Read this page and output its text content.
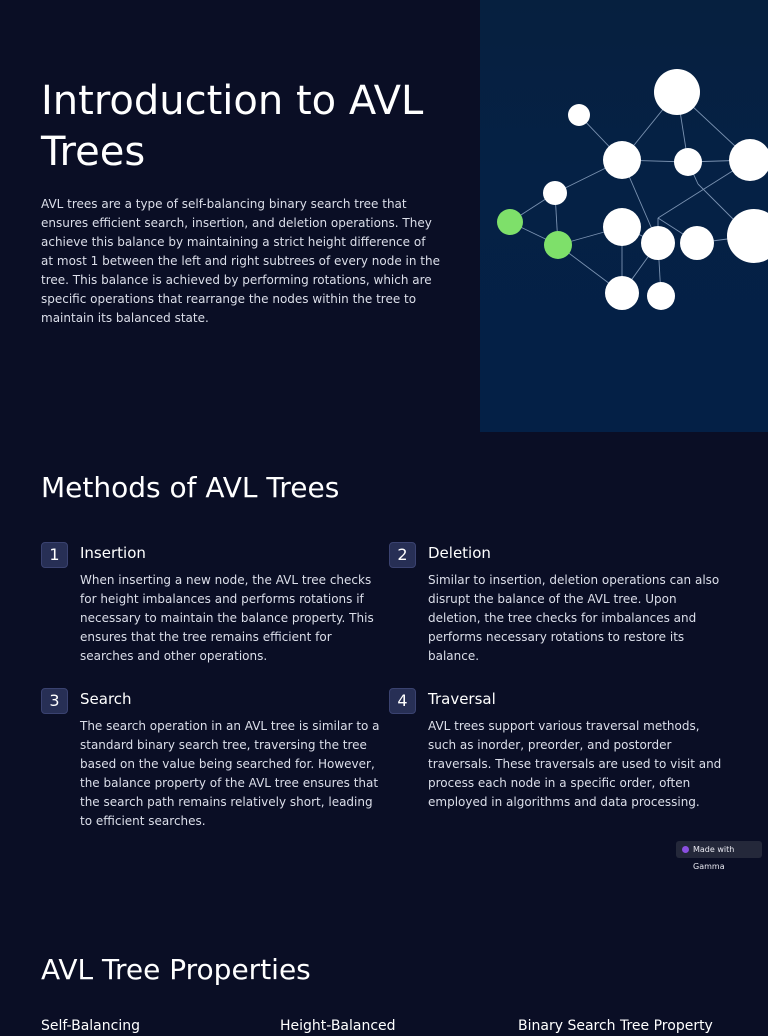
Introduction to AVL Trees

AVL trees are a type of self-balancing binary search tree that ensures efficient search, insertion, and deletion operations. They achieve this balance by maintaining a strict height difference of at most 1 between the left and right subtrees of every node in the tree. This balance is achieved by performing rotations, which are specific operations that rearrange the nodes within the tree to maintain its balanced state.

Methods of AVL Trees
1	Insertion
When inserting a new node, the AVL tree checks for height imbalances and performs rotations if necessary to maintain the balance property. This ensures that the tree remains efficient for searches and other operations.
2	Deletion
Similar to insertion, deletion operations can also disrupt the balance of the AVL tree. Upon deletion, the tree checks for imbalances and performs necessary rotations to restore its balance.
3	Search
The search operation in an AVL tree is similar to a standard binary search tree, traversing the tree based on the value being searched for. However, the balance property of the AVL tree ensures that the search path remains relatively short, leading to efficient searches.
4	Traversal
AVL trees support various traversal methods, such as inorder, preorder, and postorder traversals. These traversals are used to visit and process each node in a specific order, often employed in algorithms and data processing.
Made with Gamma
AVL Tree Properties
Self-Balancing	Height-Balanced	Binary Search Tree Property
